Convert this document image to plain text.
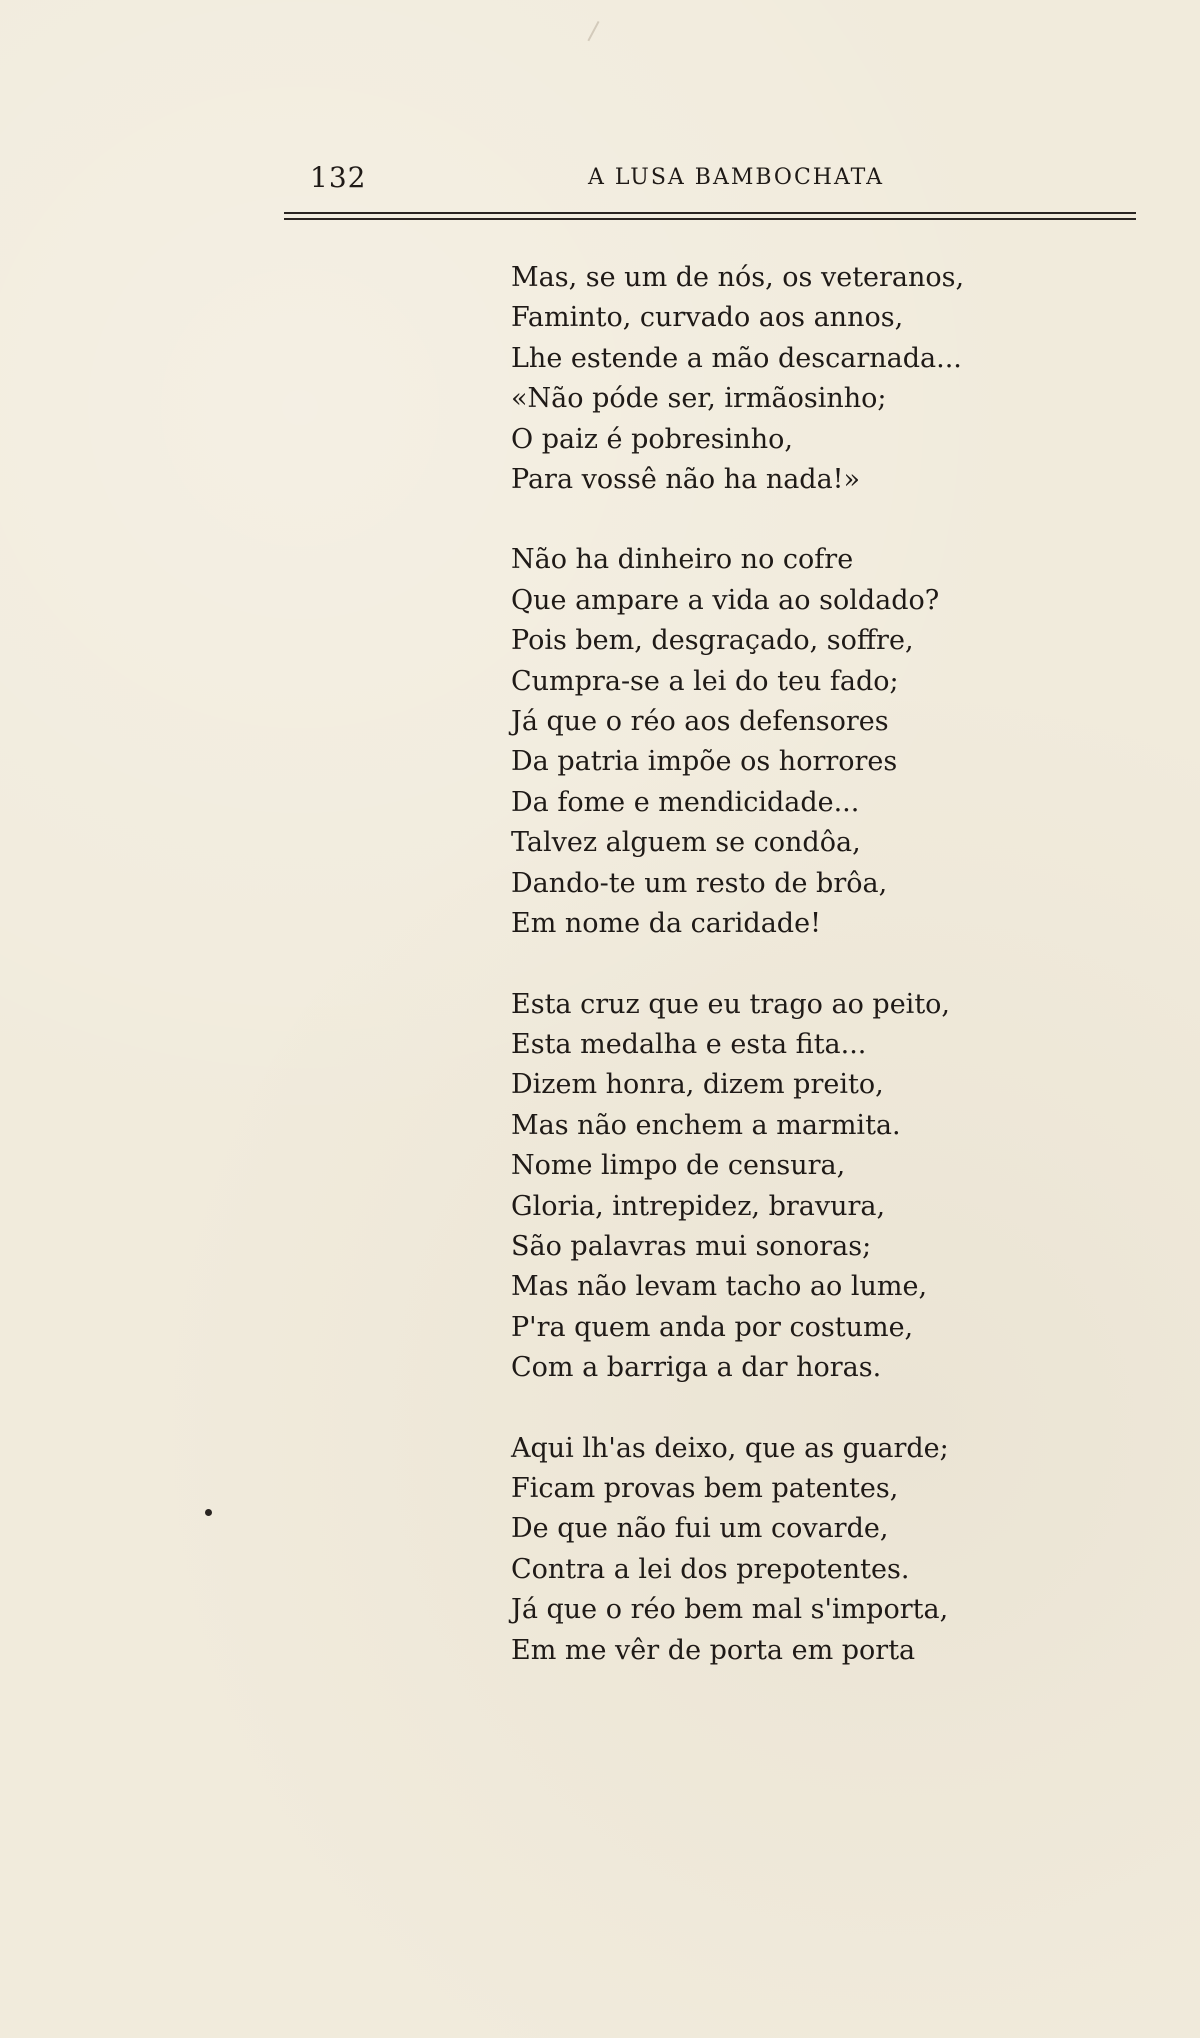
132	A LUSA BAMBOCHATA
Mas, se um de nós, os veteranos,
Faminto, curvado aos annos,
Lhe estende a mão descarnada...
«Não póde ser, irmãosinho;
O paiz é pobresinho,
Para vossê não ha nada!»
Não ha dinheiro no cofre
Que ampare a vida ao soldado?
Pois bem, desgraçado, soffre,
Cumpra-se a lei do teu fado;
Já que o réo aos defensores
Da patria impõe os horrores
Da fome e mendicidade...
Talvez alguem se condôa,
Dando-te um resto de brôa,
Em nome da caridade!
Esta cruz que eu trago ao peito,
Esta medalha e esta fita...
Dizem honra, dizem preito,
Mas não enchem a marmita.
Nome limpo de censura,
Gloria, intrepidez, bravura,
São palavras mui sonoras;
Mas não levam tacho ao lume,
P'ra quem anda por costume,
Com a barriga a dar horas.
Aqui lh'as deixo, que as guarde;
Ficam provas bem patentes,
De que não fui um covarde,
Contra a lei dos prepotentes.
Já que o réo bem mal s'importa,
Em me vêr de porta em porta
